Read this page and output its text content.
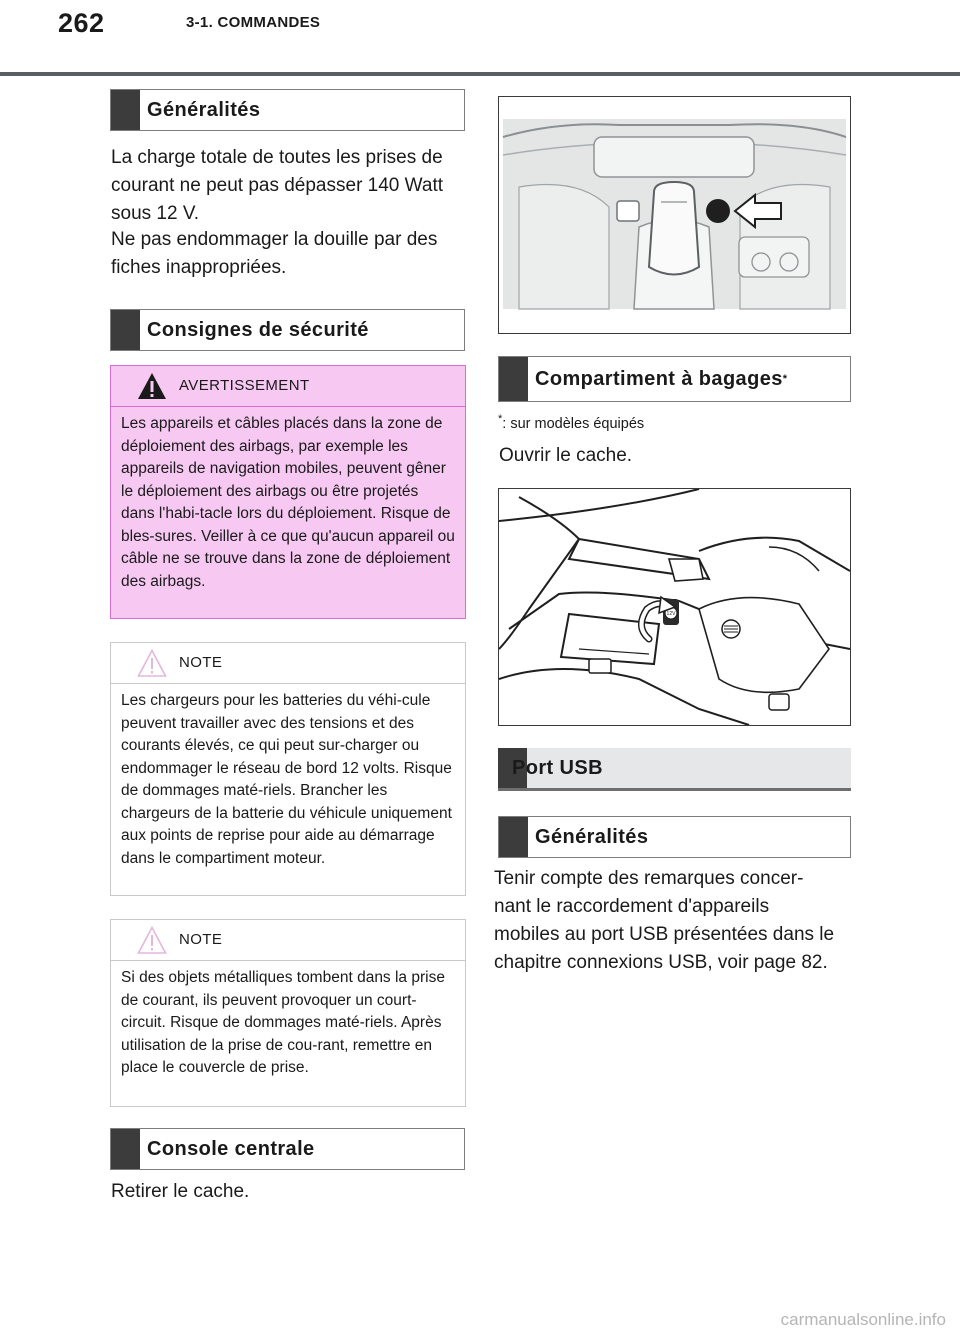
262	3-1. COMMANDES
Généralités
La charge totale de toutes les prises de courant ne peut pas dépasser 140 Watt sous 12 V.
Ne pas endommager la douille par des fiches inappropriées.
Consignes de sécurité
AVERTISSEMENT
Les appareils et câbles placés dans la zone de déploiement des airbags, par exemple les appareils de navigation mobiles, peuvent gêner le déploiement des airbags ou être projetés dans l'habi-tacle lors du déploiement. Risque de bles-sures. Veiller à ce que qu'aucun appareil ou câble ne se trouve dans la zone de déploiement des airbags.
NOTE
Les chargeurs pour les batteries du véhi-cule peuvent travailler avec des tensions et des courants élevés, ce qui peut sur-charger ou endommager le réseau de bord 12 volts. Risque de dommages maté-riels. Brancher les chargeurs de la batterie du véhicule uniquement aux points de reprise pour aide au démarrage dans le compartiment moteur.
NOTE
Si des objets métalliques tombent dans la prise de courant, ils peuvent provoquer un court-circuit. Risque de dommages maté-riels. Après utilisation de la prise de cou-rant, remettre en place le couvercle de prise.
Console centrale
Retirer le cache.
Compartiment à bagages *
*: sur modèles équipés
Ouvrir le cache.
12V
Port USB
Généralités
Tenir compte des remarques concer-nant le raccordement d'appareils mobiles au port USB présentées dans le chapitre connexions USB, voir page 82.
carmanualsonline.info
